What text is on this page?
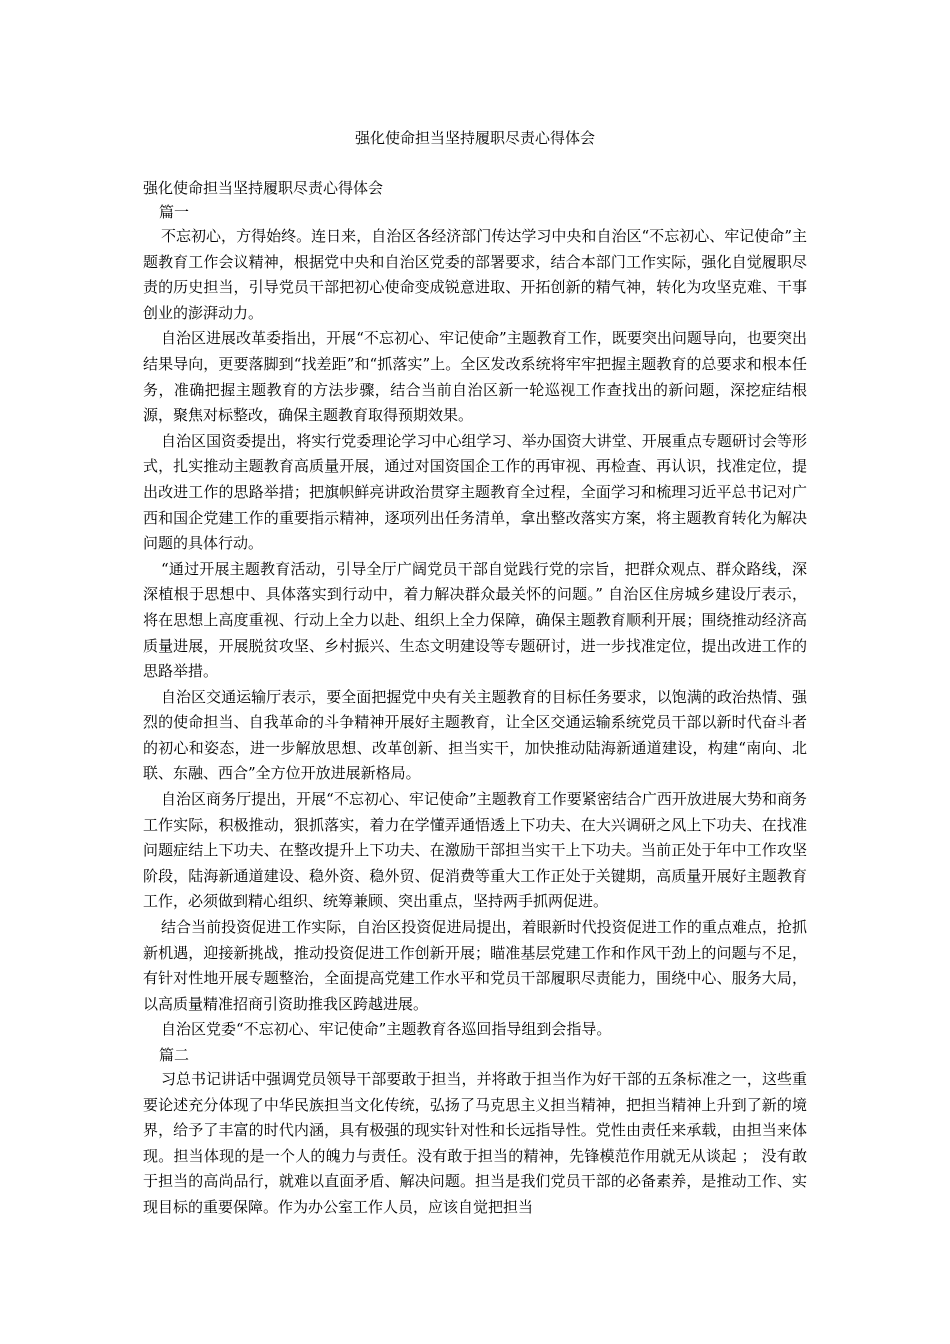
强化使命担当坚持履职尽责心得体会

强化使命担当坚持履职尽责心得体会

篇一

不忘初心，方得始终。连日来，自治区各经济部门传达学习中央和自治区“不忘初心、牢记使命”主题教育工作会议精神，根据党中央和自治区党委的部署要求，结合本部门工作实际，强化自觉履职尽责的历史担当，引导党员干部把初心使命变成锐意进取、开拓创新的精气神，转化为攻坚克难、干事创业的澎湃动力。

自治区进展改革委指出，开展“不忘初心、牢记使命”主题教育工作，既要突出问题导向，也要突出结果导向，更要落脚到“找差距”和“抓落实”上。全区发改系统将牢牢把握主题教育的总要求和根本任务，准确把握主题教育的方法步骤，结合当前自治区新一轮巡视工作查找出的新问题，深挖症结根源，聚焦对标整改，确保主题教育取得预期效果。

自治区国资委提出，将实行党委理论学习中心组学习、举办国资大讲堂、开展重点专题研讨会等形式，扎实推动主题教育高质量开展，通过对国资国企工作的再审视、再检查、再认识，找准定位，提出改进工作的思路举措；把旗帜鲜亮讲政治贯穿主题教育全过程，全面学习和梳理习近平总书记对广西和国企党建工作的重要指示精神，逐项列出任务清单，拿出整改落实方案，将主题教育转化为解决问题的具体行动。

“通过开展主题教育活动，引导全厅广阔党员干部自觉践行党的宗旨，把群众观点、群众路线，深深植根于思想中、具体落实到行动中，着力解决群众最关怀的问题。” 自治区住房城乡建设厅表示，将在思想上高度重视、行动上全力以赴、组织上全力保障，确保主题教育顺利开展；围绕推动经济高质量进展，开展脱贫攻坚、乡村振兴、生态文明建设等专题研讨，进一步找准定位，提出改进工作的思路举措。

自治区交通运输厅表示，要全面把握党中央有关主题教育的目标任务要求，以饱满的政治热情、强烈的使命担当、自我革命的斗争精神开展好主题教育，让全区交通运输系统党员干部以新时代奋斗者的初心和姿态，进一步解放思想、改革创新、担当实干，加快推动陆海新通道建设，构建“南向、北联、东融、西合”全方位开放进展新格局。

自治区商务厅提出，开展“不忘初心、牢记使命”主题教育工作要紧密结合广西开放进展大势和商务工作实际，积极推动，狠抓落实，着力在学懂弄通悟透上下功夫、在大兴调研之风上下功夫、在找准问题症结上下功夫、在整改提升上下功夫、在激励干部担当实干上下功夫。当前正处于年中工作攻坚阶段，陆海新通道建设、稳外资、稳外贸、促消费等重大工作正处于关键期，高质量开展好主题教育工作，必须做到精心组织、统筹兼顾、突出重点，坚持两手抓两促进。

结合当前投资促进工作实际，自治区投资促进局提出，着眼新时代投资促进工作的重点难点，抢抓新机遇，迎接新挑战，推动投资促进工作创新开展；瞄准基层党建工作和作风干劲上的问题与不足，有针对性地开展专题整治，全面提高党建工作水平和党员干部履职尽责能力，围绕中心、服务大局，以高质量精准招商引资助推我区跨越进展。

自治区党委“不忘初心、牢记使命”主题教育各巡回指导组到会指导。

篇二

习总书记讲话中强调党员领导干部要敢于担当，并将敢于担当作为好干部的五条标准之一，这些重要论述充分体现了中华民族担当文化传统，弘扬了马克思主义担当精神，把担当精神上升到了新的境界，给予了丰富的时代内涵，具有极强的现实针对性和长远指导性。党性由责任来承载，由担当来体现。担当体现的是一个人的魄力与责任。没有敢于担当的精神，先锋模范作用就无从谈起 ； 没有敢于担当的高尚品行，就难以直面矛盾、解决问题。担当是我们党员干部的必备素养，是推动工作、实现目标的重要保障。作为办公室工作人员，应该自觉把担当
